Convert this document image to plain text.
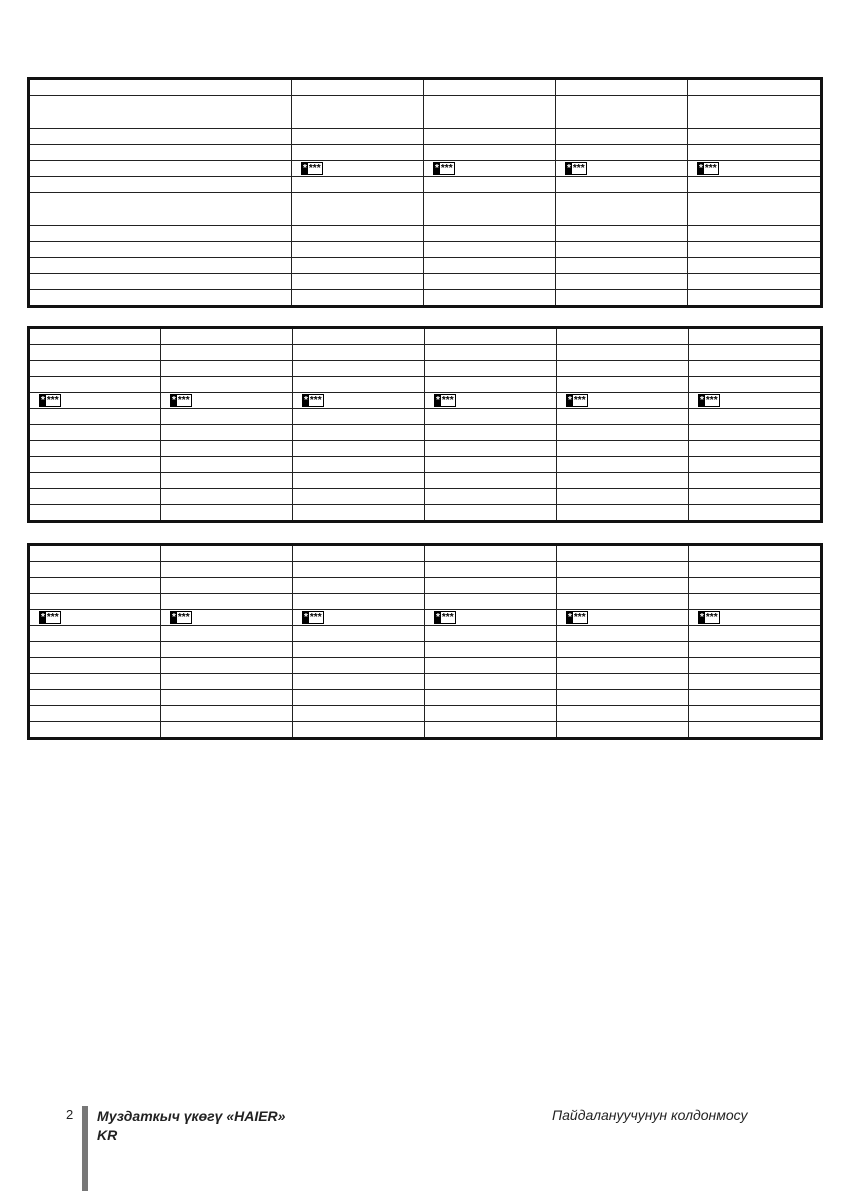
	* ***	* ***	* ***	* ***

* ***	* ***	* ***	* ***	* ***	* ***

* ***	* ***	* ***	* ***	* ***	* ***

2 Муздаткыч үкөгү «HAIER»
KR
Пайдалануучунун колдонмосу
